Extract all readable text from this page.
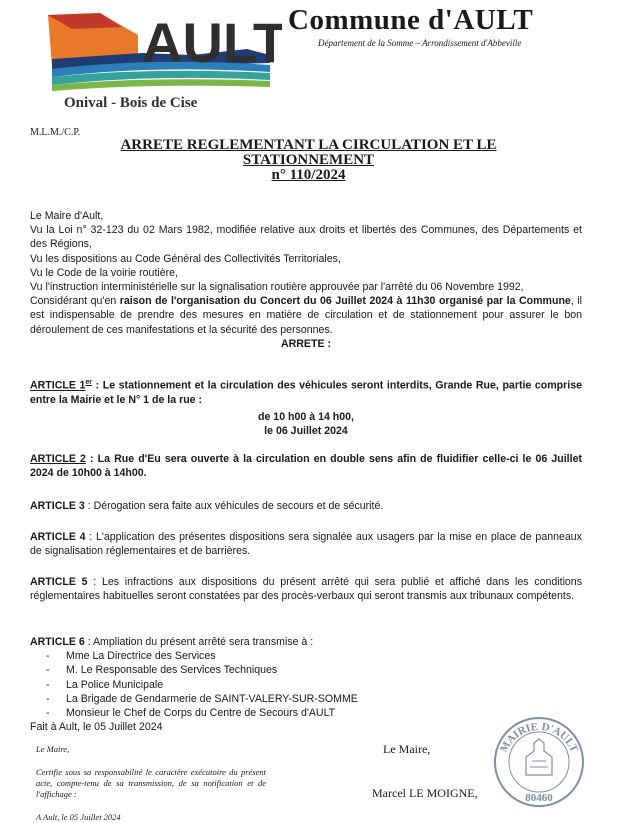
AULT
Onival - Bois de Cise
Commune d'AULT
Département de la Somme – Arrondissement d'Abbeville
M.L.M./C.P.
ARRETE REGLEMENTANT LA CIRCULATION ET LE
STATIONNEMENT
n° 110/2024
Le Maire d'Ault,
Vu la Loi n° 32-123 du 02 Mars 1982, modifiée relative aux droits et libertés des Communes, des Départements et des Régions,
Vu les dispositions au Code Général des Collectivités Territoriales,
Vu le Code de la voirie routière,
Vu l'instruction interministérielle sur la signalisation routière approuvée par l'arrêté du 06 Novembre 1992,
Considérant qu'en raison de l'organisation du Concert du 06 Juillet 2024 à 11h30 organisé par la Commune, il est indispensable de prendre des mesures en matière de circulation et de stationnement pour assurer le bon déroulement de ces manifestations et la sécurité des personnes.
ARRETE :
ARTICLE 1er : Le stationnement et la circulation des véhicules seront interdits, Grande Rue, partie comprise entre la Mairie et le N° 1 de la rue :
de 10 h00 à 14 h00,
le 06 Juillet 2024
ARTICLE 2 : La Rue d'Eu sera ouverte à la circulation en double sens afin de fluidifier celle-ci le 06 Juillet 2024 de 10h00 à 14h00.
ARTICLE 3 : Dérogation sera faite aux véhicules de secours et de sécurité.
ARTICLE 4 : L'application des présentes dispositions sera signalée aux usagers par la mise en place de panneaux de signalisation réglementaires et de barrières.
ARTICLE 5 : Les infractions aux dispositions du présent arrêté qui sera publié et affiché dans les conditions réglementaires habituelles seront constatées par des procès-verbaux qui seront transmis aux tribunaux compétents.
ARTICLE 6 : Ampliation du présent arrêté sera transmise à :
- Mme La Directrice des Services
- M. Le Responsable des Services Techniques
- La Police Municipale
- La Brigade de Gendarmerie de SAINT-VALERY-SUR-SOMME
- Monsieur le Chef de Corps du Centre de Secours d'AULT
Fait à Ault, le 05 Juillet 2024
Le Maire,
Certifie sous sa responsabilité le caractère exécutoire du présent acte, compte-tenu de sa transmission, de sa notification et de l'affichage :
A Ault, le 05 Juillet 2024
Le Maire,
Marcel LE MOIGNE,
MAIRIE D'AULT
80460
